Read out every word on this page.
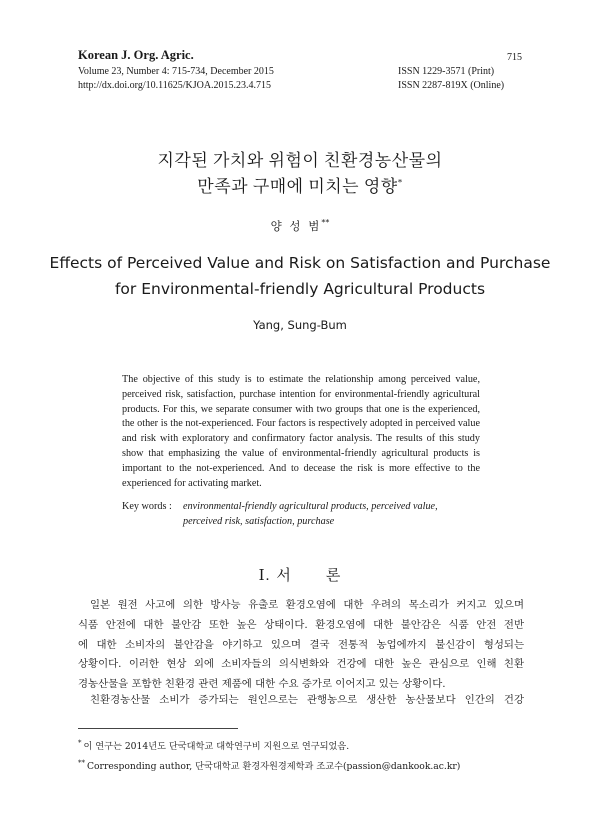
Korean J. Org. Agric.
Volume 23, Number 4: 715-734, December 2015
http://dx.doi.org/10.11625/KJOA.2015.23.4.715
715
ISSN 1229-3571 (Print)
ISSN 2287-819X (Online)
지각된 가치와 위험이 친환경농산물의
만족과 구매에 미치는 영향*
양 성 범**
Effects of Perceived Value and Risk on Satisfaction and Purchase
for Environmental-friendly Agricultural Products
Yang, Sung-Bum
The objective of this study is to estimate the relationship among perceived value, perceived risk, satisfaction, purchase intention for environmental-friendly agricultural products. For this, we separate consumer with two groups that one is the experienced, the other is the not-experienced. Four factors is respectively adopted in perceived value and risk with exploratory and confirmatory factor analysis. The results of this study show that emphasizing the value of environmental-friendly agricultural products is important to the not-experienced. And to decease the risk is more effective to the experienced for activating market.
Key words : environmental-friendly agricultural products, perceived value,
perceived risk, satisfaction, purchase
Ⅰ. 서 론
일본 원전 사고에 의한 방사능 유출로 환경오염에 대한 우려의 목소리가 커지고 있으며
식품 안전에 대한 불안감 또한 높은 상태이다. 환경오염에 대한 불안감은 식품 안전 전반
에 대한 소비자의 불안감을 야기하고 있으며 결국 전통적 농업에까지 불신감이 형성되는
상황이다. 이러한 현상 외에 소비자들의 의식변화와 건강에 대한 높은 관심으로 인해 친환
경농산물을 포함한 친환경 관련 제품에 대한 수요 증가로 이어지고 있는 상황이다.
친환경농산물 소비가 증가되는 원인으로는 관행농으로 생산한 농산물보다 인간의 건강
* 이 연구는 2014년도 단국대학교 대학연구비 지원으로 연구되었음.
** Corresponding author, 단국대학교 환경자원경제학과 조교수(passion@dankook.ac.kr)
